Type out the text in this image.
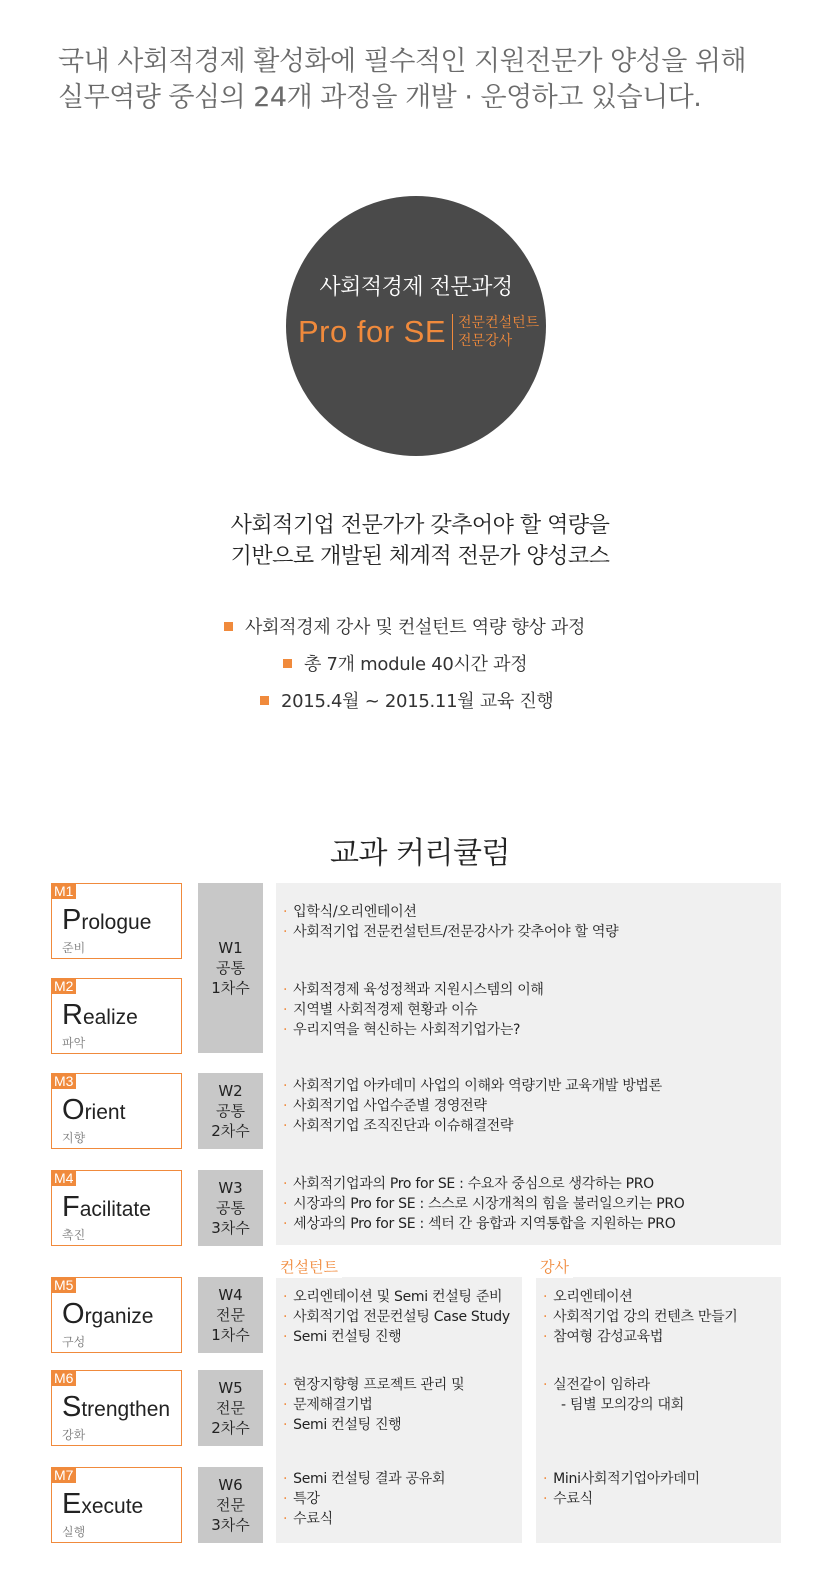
국내 사회적경제 활성화에 필수적인 지원전문가 양성을 위해
실무역량 중심의 24개 과정을 개발 · 운영하고 있습니다.
사회적경제 전문과정
Pro for SE 전문컨설턴트
전문강사
사회적기업 전문가가 갖추어야 할 역량을
기반으로 개발된 체계적 전문가 양성코스
사회적경제 강사 및 컨설턴트 역량 향상 과정
총 7개 module 40시간 과정
2015.4월 ~ 2015.11월 교육 진행
교과 커리큘럼
M1
Prologue
준비
M2
Realize
파악
M3
Orient
지향
M4
Facilitate
촉진
M5
Organize
구성
M6
Strengthen
강화
M7
Execute
실행
W1
공통
1차수
W2
공통
2차수
W3
공통
3차수
W4
전문
1차수
W5
전문
2차수
W6
전문
3차수
· 입학식/오리엔테이션
· 사회적기업 전문컨설턴트/전문강사가 갖추어야 할 역량
· 사회적경제 육성정책과 지원시스템의 이해
· 지역별 사회적경제 현황과 이슈
· 우리지역을 혁신하는 사회적기업가는?
· 사회적기업 아카데미 사업의 이해와 역량기반 교육개발 방법론
· 사회적기업 사업수준별 경영전략
· 사회적기업 조직진단과 이슈해결전략
· 사회적기업과의 Pro for SE : 수요자 중심으로 생각하는 PRO
· 시장과의 Pro for SE : 스스로 시장개척의 힘을 불러일으키는 PRO
· 세상과의 Pro for SE : 섹터 간 융합과 지역통합을 지원하는 PRO
컨설턴트
· 오리엔테이션 및 Semi 컨설팅 준비
· 사회적기업 전문컨설팅 Case Study
· Semi 컨설팅 진행
· 현장지향형 프로젝트 관리 및
· 문제해결기법
· Semi 컨설팅 진행
· Semi 컨설팅 결과 공유회
· 특강
· 수료식
강사
· 오리엔테이션
· 사회적기업 강의 컨텐츠 만들기
· 참여형 감성교육법
· 실전같이 임하라
- 팀별 모의강의 대회
· Mini사회적기업아카데미
· 수료식
